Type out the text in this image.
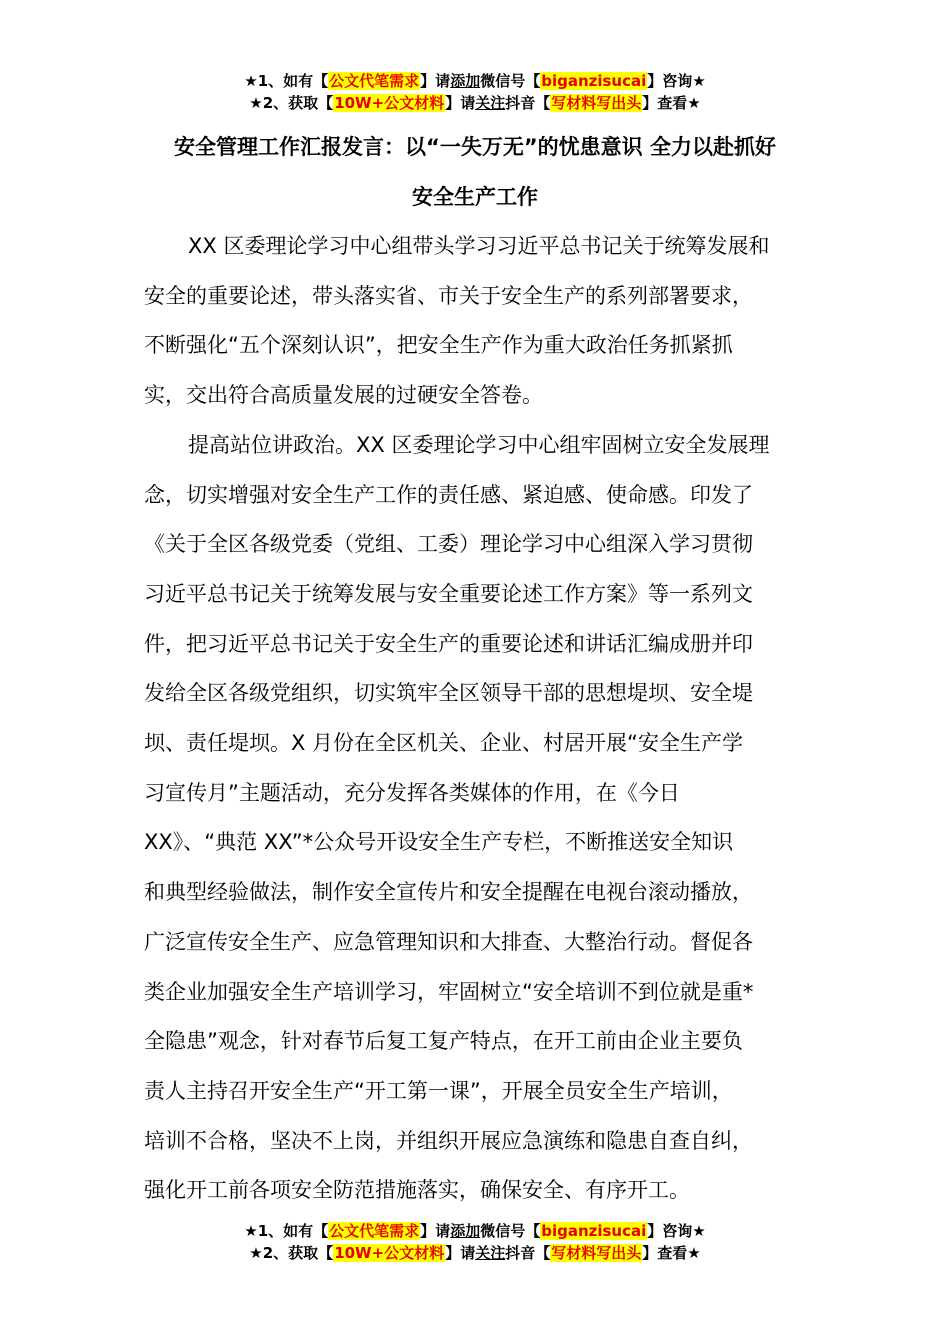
★1、如有【公文代笔需求】请添加微信号【biganzisucai】咨询★
★2、获取【10W+公文材料】请关注抖音【写材料写出头】查看★
安全管理工作汇报发言：以“一失万无”的忧患意识 全力以赴抓好
安全生产工作
XX 区委理论学习中心组带头学习习近平总书记关于统筹发展和
安全的重要论述，带头落实省、市关于安全生产的系列部署要求，
不断强化“五个深刻认识”，把安全生产作为重大政治任务抓紧抓
实，交出符合高质量发展的过硬安全答卷。
提高站位讲政治。XX 区委理论学习中心组牢固树立安全发展理
念，切实增强对安全生产工作的责任感、紧迫感、使命感。印发了
《关于全区各级党委（党组、工委）理论学习中心组深入学习贯彻
习近平总书记关于统筹发展与安全重要论述工作方案》等一系列文
件，把习近平总书记关于安全生产的重要论述和讲话汇编成册并印
发给全区各级党组织，切实筑牢全区领导干部的思想堤坝、安全堤
坝、责任堤坝。X 月份在全区机关、企业、村居开展“安全生产学
习宣传月”主题活动，充分发挥各类媒体的作用，在《今日
XX》、“典范 XX”*公众号开设安全生产专栏，不断推送安全知识
和典型经验做法，制作安全宣传片和安全提醒在电视台滚动播放，
广泛宣传安全生产、应急管理知识和大排查、大整治行动。督促各
类企业加强安全生产培训学习，牢固树立“安全培训不到位就是重*
全隐患”观念，针对春节后复工复产特点，在开工前由企业主要负
责人主持召开安全生产“开工第一课”，开展全员安全生产培训，
培训不合格，坚决不上岗，并组织开展应急演练和隐患自查自纠，
强化开工前各项安全防范措施落实，确保安全、有序开工。
★1、如有【公文代笔需求】请添加微信号【biganzisucai】咨询★
★2、获取【10W+公文材料】请关注抖音【写材料写出头】查看★
